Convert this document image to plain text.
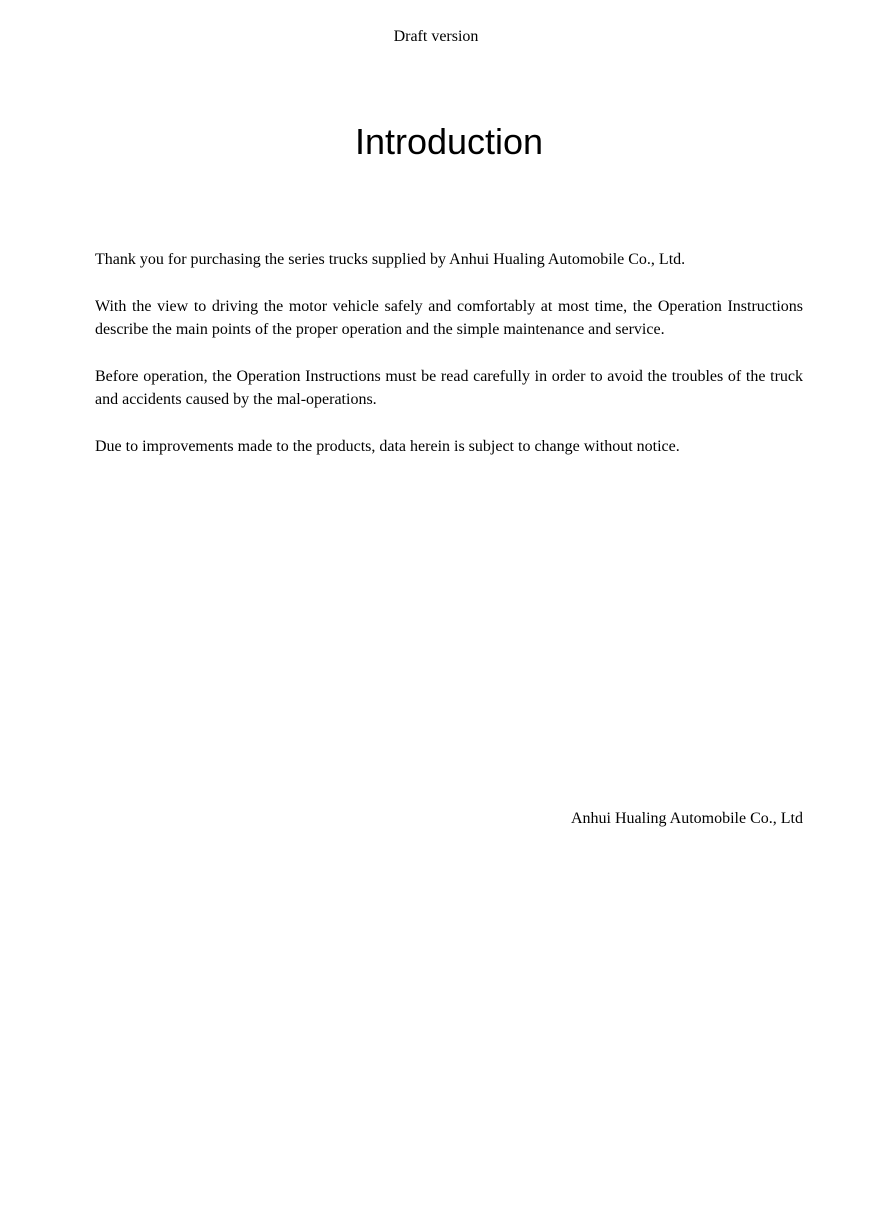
Draft version
Introduction

Thank you for purchasing the series trucks supplied by Anhui Hualing Automobile Co., Ltd.

With the view to driving the motor vehicle safely and comfortably at most time, the Operation Instructions describe the main points of the proper operation and the simple maintenance and service.

Before operation, the Operation Instructions must be read carefully in order to avoid the troubles of the truck and accidents caused by the mal-operations.

Due to improvements made to the products, data herein is subject to change without notice.

Anhui Hualing Automobile Co., Ltd
